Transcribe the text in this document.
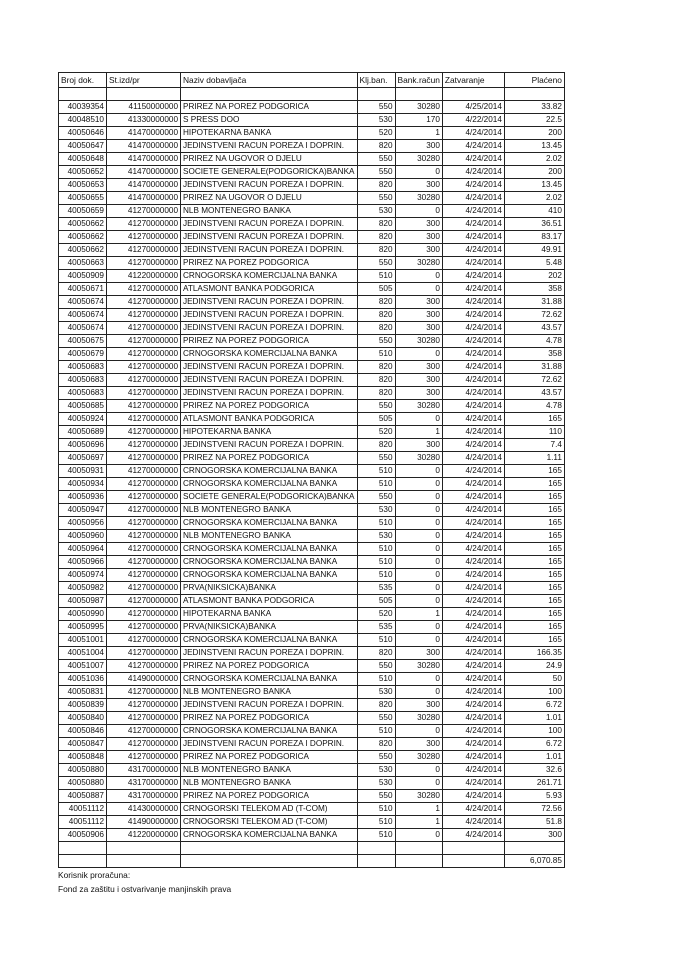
Broj dok.	St.izd/pr	Naziv dobavljača	Klj.ban.	Bank.račun	Zatvaranje	Plaćeno

40039354	41150000000	PRIREZ NA POREZ PODGORICA	550	30280	4/25/2014	33.82
40048510	41330000000	S PRESS DOO	530	170	4/22/2014	22.5
40050646	41470000000	HIPOTEKARNA BANKA	520	1	4/24/2014	200
40050647	41470000000	JEDINSTVENI RACUN POREZA I DOPRIN.	820	300	4/24/2014	13.45
40050648	41470000000	PRIREZ NA UGOVOR O DJELU	550	30280	4/24/2014	2.02
40050652	41470000000	SOCIETE GENERALE(PODGORICKA)BANKA	550	0	4/24/2014	200
40050653	41470000000	JEDINSTVENI RACUN POREZA I DOPRIN.	820	300	4/24/2014	13.45
40050655	41470000000	PRIREZ NA UGOVOR O DJELU	550	30280	4/24/2014	2.02
40050659	41270000000	NLB MONTENEGRO BANKA	530	0	4/24/2014	410
40050662	41270000000	JEDINSTVENI RACUN POREZA I DOPRIN.	820	300	4/24/2014	36.51
40050662	41270000000	JEDINSTVENI RACUN POREZA I DOPRIN.	820	300	4/24/2014	83.17
40050662	41270000000	JEDINSTVENI RACUN POREZA I DOPRIN.	820	300	4/24/2014	49.91
40050663	41270000000	PRIREZ NA POREZ PODGORICA	550	30280	4/24/2014	5.48
40050909	41220000000	CRNOGORSKA KOMERCIJALNA BANKA	510	0	4/24/2014	202
40050671	41270000000	ATLASMONT BANKA PODGORICA	505	0	4/24/2014	358
40050674	41270000000	JEDINSTVENI RACUN POREZA I DOPRIN.	820	300	4/24/2014	31.88
40050674	41270000000	JEDINSTVENI RACUN POREZA I DOPRIN.	820	300	4/24/2014	72.62
40050674	41270000000	JEDINSTVENI RACUN POREZA I DOPRIN.	820	300	4/24/2014	43.57
40050675	41270000000	PRIREZ NA POREZ PODGORICA	550	30280	4/24/2014	4.78
40050679	41270000000	CRNOGORSKA KOMERCIJALNA BANKA	510	0	4/24/2014	358
40050683	41270000000	JEDINSTVENI RACUN POREZA I DOPRIN.	820	300	4/24/2014	31.88
40050683	41270000000	JEDINSTVENI RACUN POREZA I DOPRIN.	820	300	4/24/2014	72.62
40050683	41270000000	JEDINSTVENI RACUN POREZA I DOPRIN.	820	300	4/24/2014	43.57
40050685	41270000000	PRIREZ NA POREZ PODGORICA	550	30280	4/24/2014	4.78
40050924	41270000000	ATLASMONT BANKA PODGORICA	505	0	4/24/2014	165
40050689	41270000000	HIPOTEKARNA BANKA	520	1	4/24/2014	110
40050696	41270000000	JEDINSTVENI RACUN POREZA I DOPRIN.	820	300	4/24/2014	7.4
40050697	41270000000	PRIREZ NA POREZ PODGORICA	550	30280	4/24/2014	1.11
40050931	41270000000	CRNOGORSKA KOMERCIJALNA BANKA	510	0	4/24/2014	165
40050934	41270000000	CRNOGORSKA KOMERCIJALNA BANKA	510	0	4/24/2014	165
40050936	41270000000	SOCIETE GENERALE(PODGORICKA)BANKA	550	0	4/24/2014	165
40050947	41270000000	NLB MONTENEGRO BANKA	530	0	4/24/2014	165
40050956	41270000000	CRNOGORSKA KOMERCIJALNA BANKA	510	0	4/24/2014	165
40050960	41270000000	NLB MONTENEGRO BANKA	530	0	4/24/2014	165
40050964	41270000000	CRNOGORSKA KOMERCIJALNA BANKA	510	0	4/24/2014	165
40050966	41270000000	CRNOGORSKA KOMERCIJALNA BANKA	510	0	4/24/2014	165
40050974	41270000000	CRNOGORSKA KOMERCIJALNA BANKA	510	0	4/24/2014	165
40050982	41270000000	PRVA(NIKSICKA)BANKA	535	0	4/24/2014	165
40050987	41270000000	ATLASMONT BANKA PODGORICA	505	0	4/24/2014	165
40050990	41270000000	HIPOTEKARNA BANKA	520	1	4/24/2014	165
40050995	41270000000	PRVA(NIKSICKA)BANKA	535	0	4/24/2014	165
40051001	41270000000	CRNOGORSKA KOMERCIJALNA BANKA	510	0	4/24/2014	165
40051004	41270000000	JEDINSTVENI RACUN POREZA I DOPRIN.	820	300	4/24/2014	166.35
40051007	41270000000	PRIREZ NA POREZ PODGORICA	550	30280	4/24/2014	24.9
40051036	41490000000	CRNOGORSKA KOMERCIJALNA BANKA	510	0	4/24/2014	50
40050831	41270000000	NLB MONTENEGRO BANKA	530	0	4/24/2014	100
40050839	41270000000	JEDINSTVENI RACUN POREZA I DOPRIN.	820	300	4/24/2014	6.72
40050840	41270000000	PRIREZ NA POREZ PODGORICA	550	30280	4/24/2014	1.01
40050846	41270000000	CRNOGORSKA KOMERCIJALNA BANKA	510	0	4/24/2014	100
40050847	41270000000	JEDINSTVENI RACUN POREZA I DOPRIN.	820	300	4/24/2014	6.72
40050848	41270000000	PRIREZ NA POREZ PODGORICA	550	30280	4/24/2014	1.01
40050880	43170000000	NLB MONTENEGRO BANKA	530	0	4/24/2014	32.6
40050880	43170000000	NLB MONTENEGRO BANKA	530	0	4/24/2014	261.71
40050887	43170000000	PRIREZ NA POREZ PODGORICA	550	30280	4/24/2014	5.93
40051112	41430000000	CRNOGORSKI TELEKOM AD (T-COM)	510	1	4/24/2014	72.56
40051112	41490000000	CRNOGORSKI TELEKOM AD (T-COM)	510	1	4/24/2014	51.8
40050906	41220000000	CRNOGORSKA KOMERCIJALNA BANKA	510	0	4/24/2014	300

						6,070.85
Korisnik proračuna:
Fond za zaštitu i ostvarivanje manjinskih prava
